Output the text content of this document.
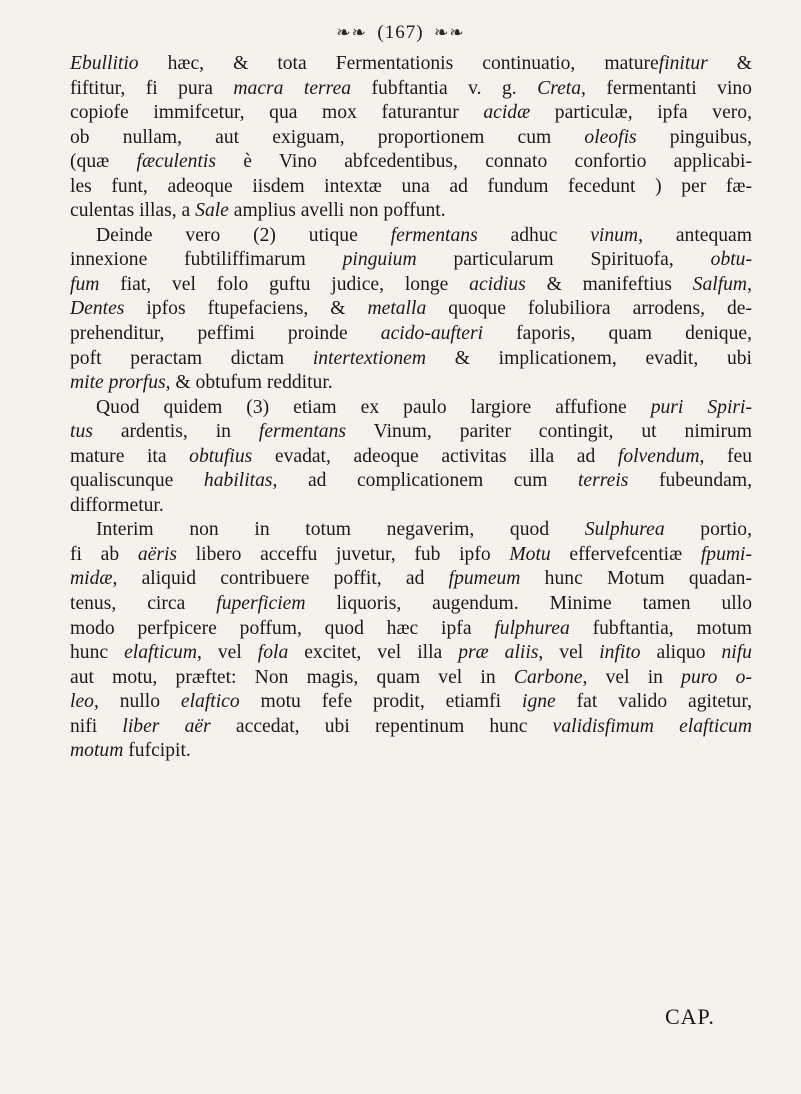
❧❧ (167) ❧❧
Ebullitio hæc, & tota Fermentationis continuatio, maturefinitur &
fiftitur, fi pura macra terrea fubftantia v. g. Creta, fermentanti vino
copiofe immifcetur, qua mox faturantur acidæ particulæ, ipfa vero,
ob nullam, aut exiguam, proportionem cum oleofis pinguibus,
(quæ fæculentis è Vino abfcedentibus, connato confortio applicabi-
les funt, adeoque iisdem intextæ una ad fundum fecedunt ) per fæ-
culentas illas, a Sale amplius avelli non poffunt.
Deinde vero (2) utique fermentans adhuc vinum, antequam
innexione fubtiliffimarum pinguium particularum Spirituofa, obtu-
fum fiat, vel folo guftu judice, longe acidius & manifeftius Salfum,
Dentes ipfos ftupefaciens, & metalla quoque folubiliora arrodens, de-
prehenditur, peffimi proinde acido-aufteri faporis, quam denique,
poft peractam dictam intertextionem & implicationem, evadit, ubi
mite prorfus, & obtufum redditur.
Quod quidem (3) etiam ex paulo largiore affufione puri Spiri-
tus ardentis, in fermentans Vinum, pariter contingit, ut nimirum
mature ita obtufius evadat, adeoque activitas illa ad folvendum, feu
qualiscunque habilitas, ad complicationem cum terreis fubeundam,
difformetur.
Interim non in totum negaverim, quod Sulphurea portio,
fi ab aëris libero acceffu juvetur, fub ipfo Motu effervefcentiæ fpumi-
midæ, aliquid contribuere poffit, ad fpumeum hunc Motum quadan-
tenus, circa fuperficiem liquoris, augendum. Minime tamen ullo
modo perfpicere poffum, quod hæc ipfa fulphurea fubftantia, motum
hunc elafticum, vel fola excitet, vel illa præ aliis, vel infito aliquo nifu
aut motu, præftet: Non magis, quam vel in Carbone, vel in puro o-
leo, nullo elaftico motu fefe prodit, etiamfi igne fat valido agitetur,
nifi liber aër accedat, ubi repentinum hunc validisfimum elafticum
motum fufcipit.
CAP.
